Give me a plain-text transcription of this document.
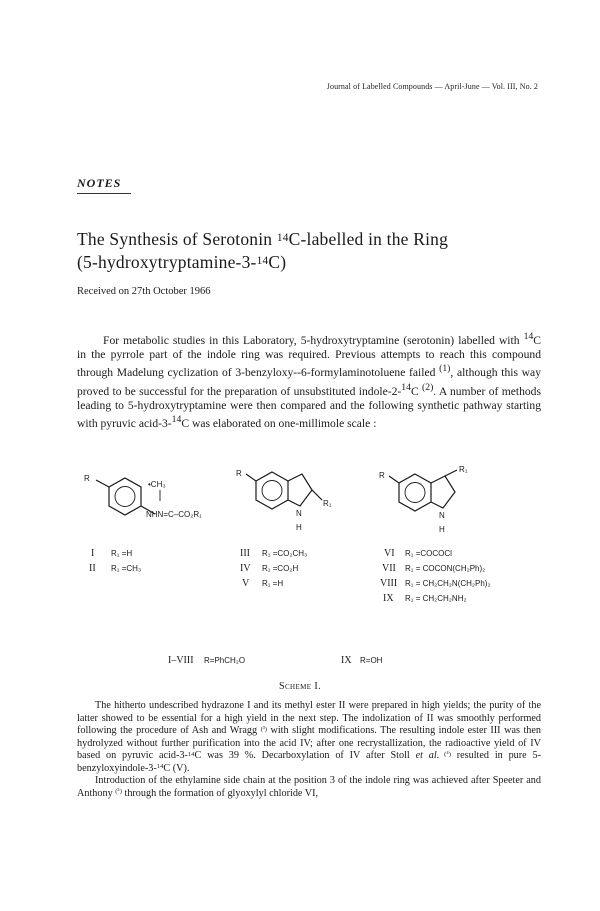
Journal of Labelled Compounds — April-June — Vol. III, No. 2
NOTES
The Synthesis of Serotonin $^{14}$C-labelled in the Ring
(5-hydroxytryptamine-3-$^{14}$C)
Received on 27th October 1966

For metabolic studies in this Laboratory, 5-hydroxytryptamine (serotonin) labelled with $^{14}$C in the pyrrole part of the indole ring was required. Previous attempts to reach this compound through Madelung cyclization of 3-benzyloxy--6-formylaminotoluene failed $^{(1)}$, although this way proved to be successful for the preparation of unsubstituted indole-2-$^{14}$C $^{(2)}$. A number of methods leading to 5-hydroxytryptamine were then compared and the following synthetic pathway starting with pyruvic acid-3-$^{14}$C was elaborated on one-millimole scale :

R
•CH₃
NHN=C–CO₂R₁
R
R₁
N
H
R
R₁
N
H
I R₁ =H
II R₁ =CH₃
III R₁ =CO₂CH₃
IV R₁ =CO₂H
V R₁ =H
VI R₁ =COCOCl
VII R₁ = COCON(CH₂Ph)₂
VIII R₁ = CH₂CH₂N(CH₂Ph)₂
IX R₁ = CH₂CH₂NH₂
I–VIII R=PhCH₂O	IX R=OH
Scheme I.

The hitherto undescribed hydrazone I and its methyl ester II were prepared in high yields; the purity of the latter showed to be essential for a high yield in the next step. The indolization of II was smoothly performed following the procedure of Ash and Wragg $^{(^3)}$ with slight modifications. The resulting indole ester III was then hydrolyzed without further purification into the acid IV; after one recrystallization, the radioactive yield of IV based on pyruvic acid-3-$^{14}$C was 39 %. Decarboxylation of IV after Stoll et al. $^{(^4)}$ resulted in pure 5-benzyloxyindole-3-$^{14}$C (V).

Introduction of the ethylamine side chain at the position 3 of the indole ring was achieved after Speeter and Anthony $^{(^5)}$ through the formation of glyoxylyl chloride VI,
